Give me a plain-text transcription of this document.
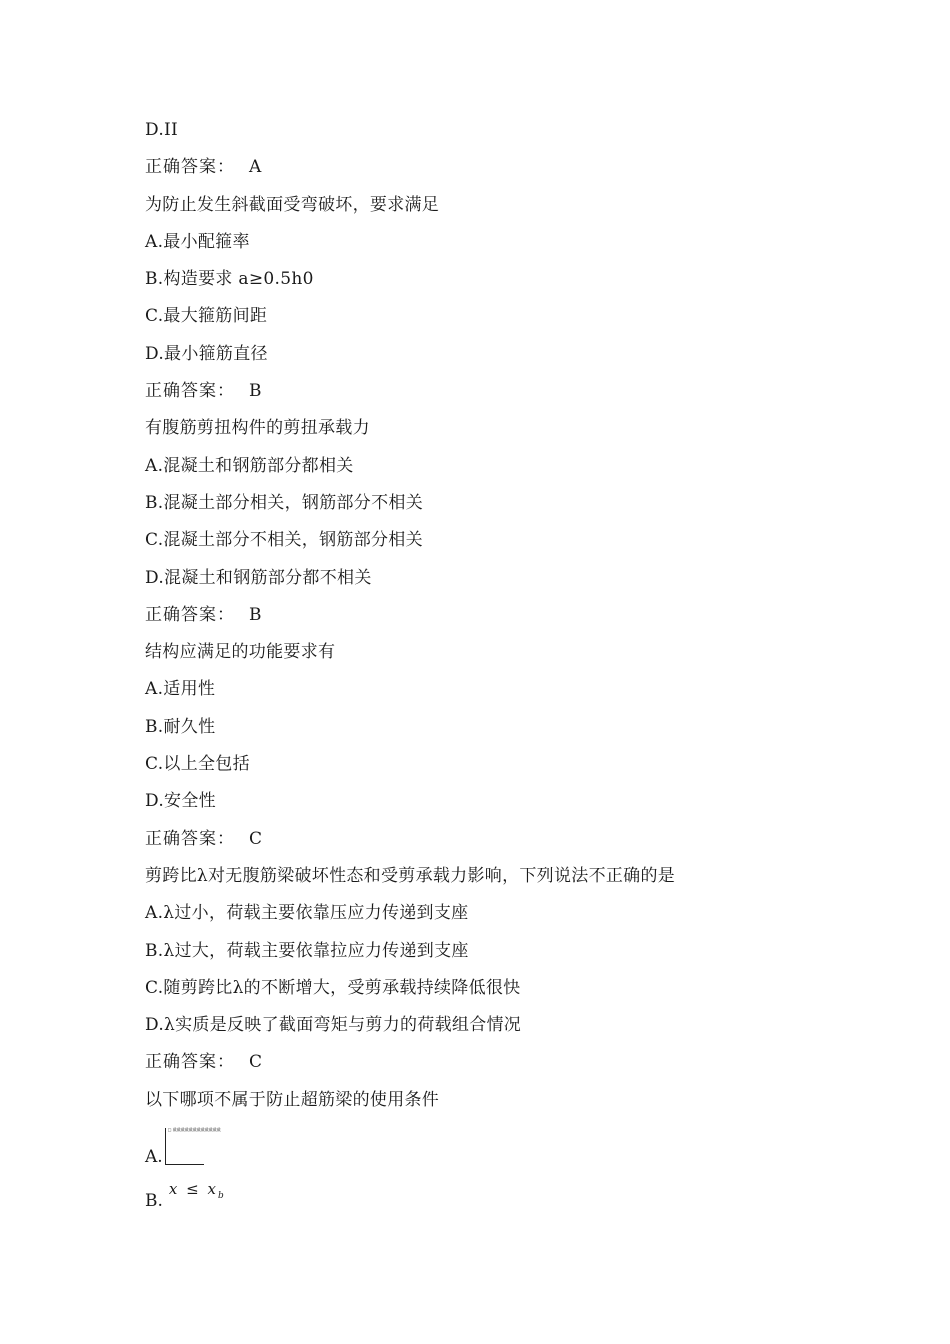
D.II
正确答案： A
为防止发生斜截面受弯破坏，要求满足
A.最小配箍率
B.构造要求 a≥0.5h0
C.最大箍筋间距
D.最小箍筋直径
正确答案： B
有腹筋剪扭构件的剪扭承载力
A.混凝土和钢筋部分都相关
B.混凝土部分相关，钢筋部分不相关
C.混凝土部分不相关，钢筋部分相关
D.混凝土和钢筋部分都不相关
正确答案： B
结构应满足的功能要求有
A.适用性
B.耐久性
C.以上全包括
D.安全性
正确答案： C
剪跨比λ对无腹筋梁破坏性态和受剪承载力影响，下列说法不正确的是
A.λ过小，荷载主要依靠压应力传递到支座
B.λ过大，荷载主要依靠拉应力传递到支座
C.随剪跨比λ的不断增大，受剪承载持续降低很快
D.λ实质是反映了截面弯矩与剪力的荷载组合情况
正确答案： C
以下哪项不属于防止超筋梁的使用条件
A.
□ 截截截截截截截截截截截截
B.
$x \le x_b$
